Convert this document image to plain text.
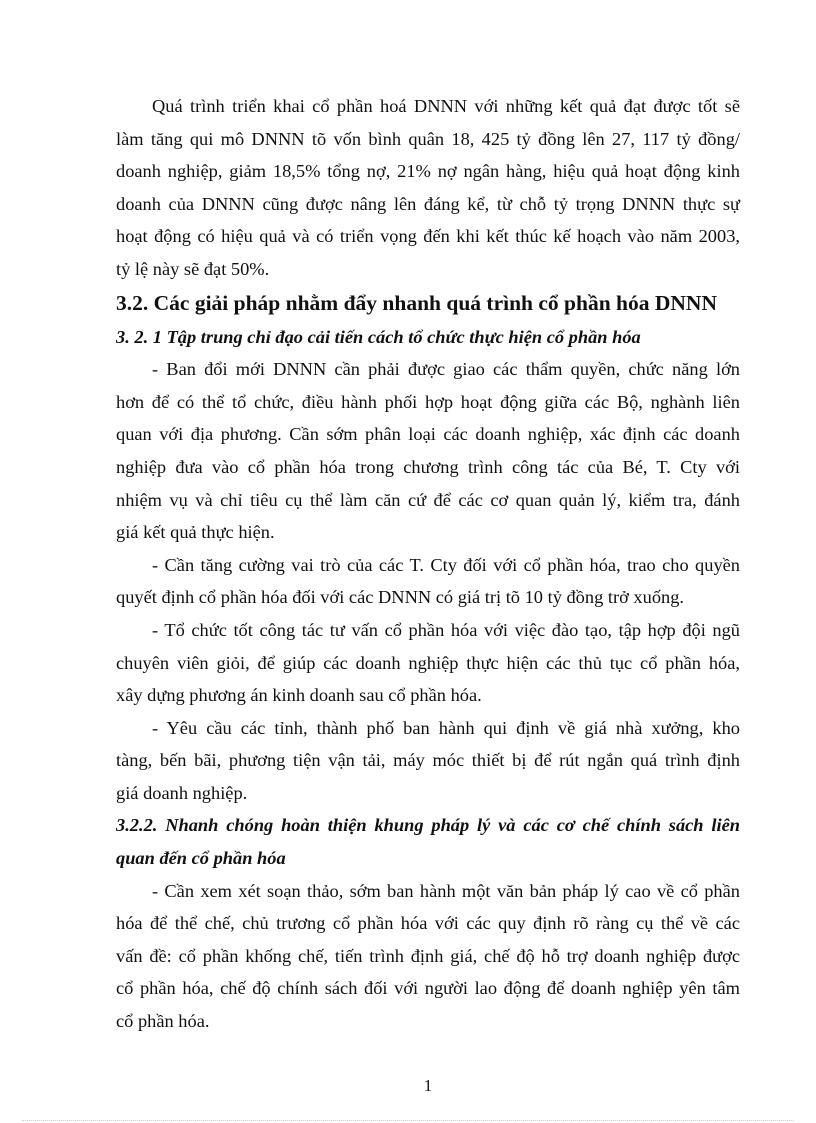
Quá trình triển khai cổ phần hoá DNNN với những kết quả đạt được tốt sẽ
làm tăng qui mô DNNN tõ vốn bình quân 18, 425 tỷ đồng lên 27, 117 tỷ đồng/
doanh nghiệp, giảm 18,5% tổng nợ, 21% nợ ngân hàng, hiệu quả hoạt động kinh
doanh của DNNN cũng được nâng lên đáng kể, từ chỗ tỷ trọng DNNN thực sự
hoạt động có hiệu quả và có triển vọng đến khi kết thúc kế hoạch vào năm 2003,
tỷ lệ này sẽ đạt 50%.
3.2. Các giải pháp nhằm đẩy nhanh quá trình cổ phần hóa DNNN
3. 2. 1 Tập trung chỉ đạo cải tiến cách tổ chức thực hiện cổ phần hóa
- Ban đổi mới DNNN cần phải được giao các thẩm quyền, chức năng lớn
hơn để có thể tổ chức, điều hành phối hợp hoạt động giữa các Bộ, nghành liên
quan với địa phương. Cần sớm phân loại các doanh nghiệp, xác định các doanh
nghiệp đưa vào cổ phần hóa trong chương trình công tác của Bé, T. Cty với
nhiệm vụ và chỉ tiêu cụ thể làm căn cứ để các cơ quan quản lý, kiểm tra, đánh
giá kết quả thực hiện.
- Cần tăng cường vai trò của các T. Cty đối với cổ phần hóa, trao cho quyền
quyết định cổ phần hóa đối với các DNNN có giá trị tõ 10 tỷ đồng trở xuống.
- Tổ chức tốt công tác tư vấn cổ phần hóa với việc đào tạo, tập hợp đội ngũ
chuyên viên giỏi, để giúp các doanh nghiệp thực hiện các thủ tục cổ phần hóa,
xây dựng phương án kinh doanh sau cổ phần hóa.
- Yêu cầu các tỉnh, thành phố ban hành qui định về giá nhà xưởng, kho
tàng, bến bãi, phương tiện vận tải, máy móc thiết bị để rút ngắn quá trình định
giá doanh nghiệp.
3.2.2. Nhanh chóng hoàn thiện khung pháp lý và các cơ chế chính sách liên
quan đến cổ phần hóa
- Cần xem xét soạn thảo, sớm ban hành một văn bản pháp lý cao về cổ phần
hóa để thể chế, chủ trương cổ phần hóa với các quy định rõ ràng cụ thể về các
vấn đề: cổ phần khống chế, tiến trình định giá, chế độ hỗ trợ doanh nghiệp được
cổ phần hóa, chế độ chính sách đối với người lao động để doanh nghiệp yên tâm
cổ phần hóa.
1
